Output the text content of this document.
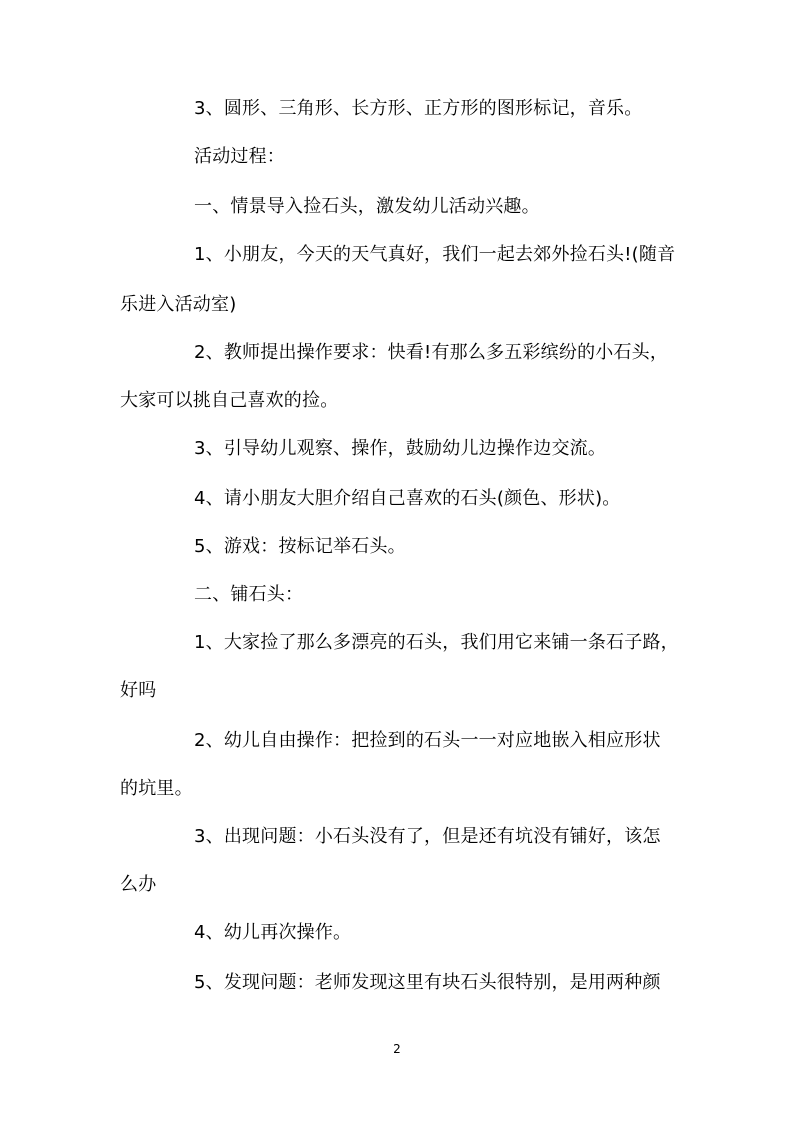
3、圆形、三角形、长方形、正方形的图形标记，音乐。
活动过程：
一、情景导入捡石头，激发幼儿活动兴趣。
1、小朋友，今天的天气真好，我们一起去郊外捡石头!(随音
乐进入活动室)
2、教师提出操作要求：快看!有那么多五彩缤纷的小石头，
大家可以挑自己喜欢的捡。
3、引导幼儿观察、操作，鼓励幼儿边操作边交流。
4、请小朋友大胆介绍自己喜欢的石头(颜色、形状)。
5、游戏：按标记举石头。
二、铺石头：
1、大家捡了那么多漂亮的石头，我们用它来铺一条石子路，
好吗
2、幼儿自由操作：把捡到的石头一一对应地嵌入相应形状
的坑里。
3、出现问题：小石头没有了，但是还有坑没有铺好，该怎
么办
4、幼儿再次操作。
5、发现问题：老师发现这里有块石头很特别，是用两种颜
2
